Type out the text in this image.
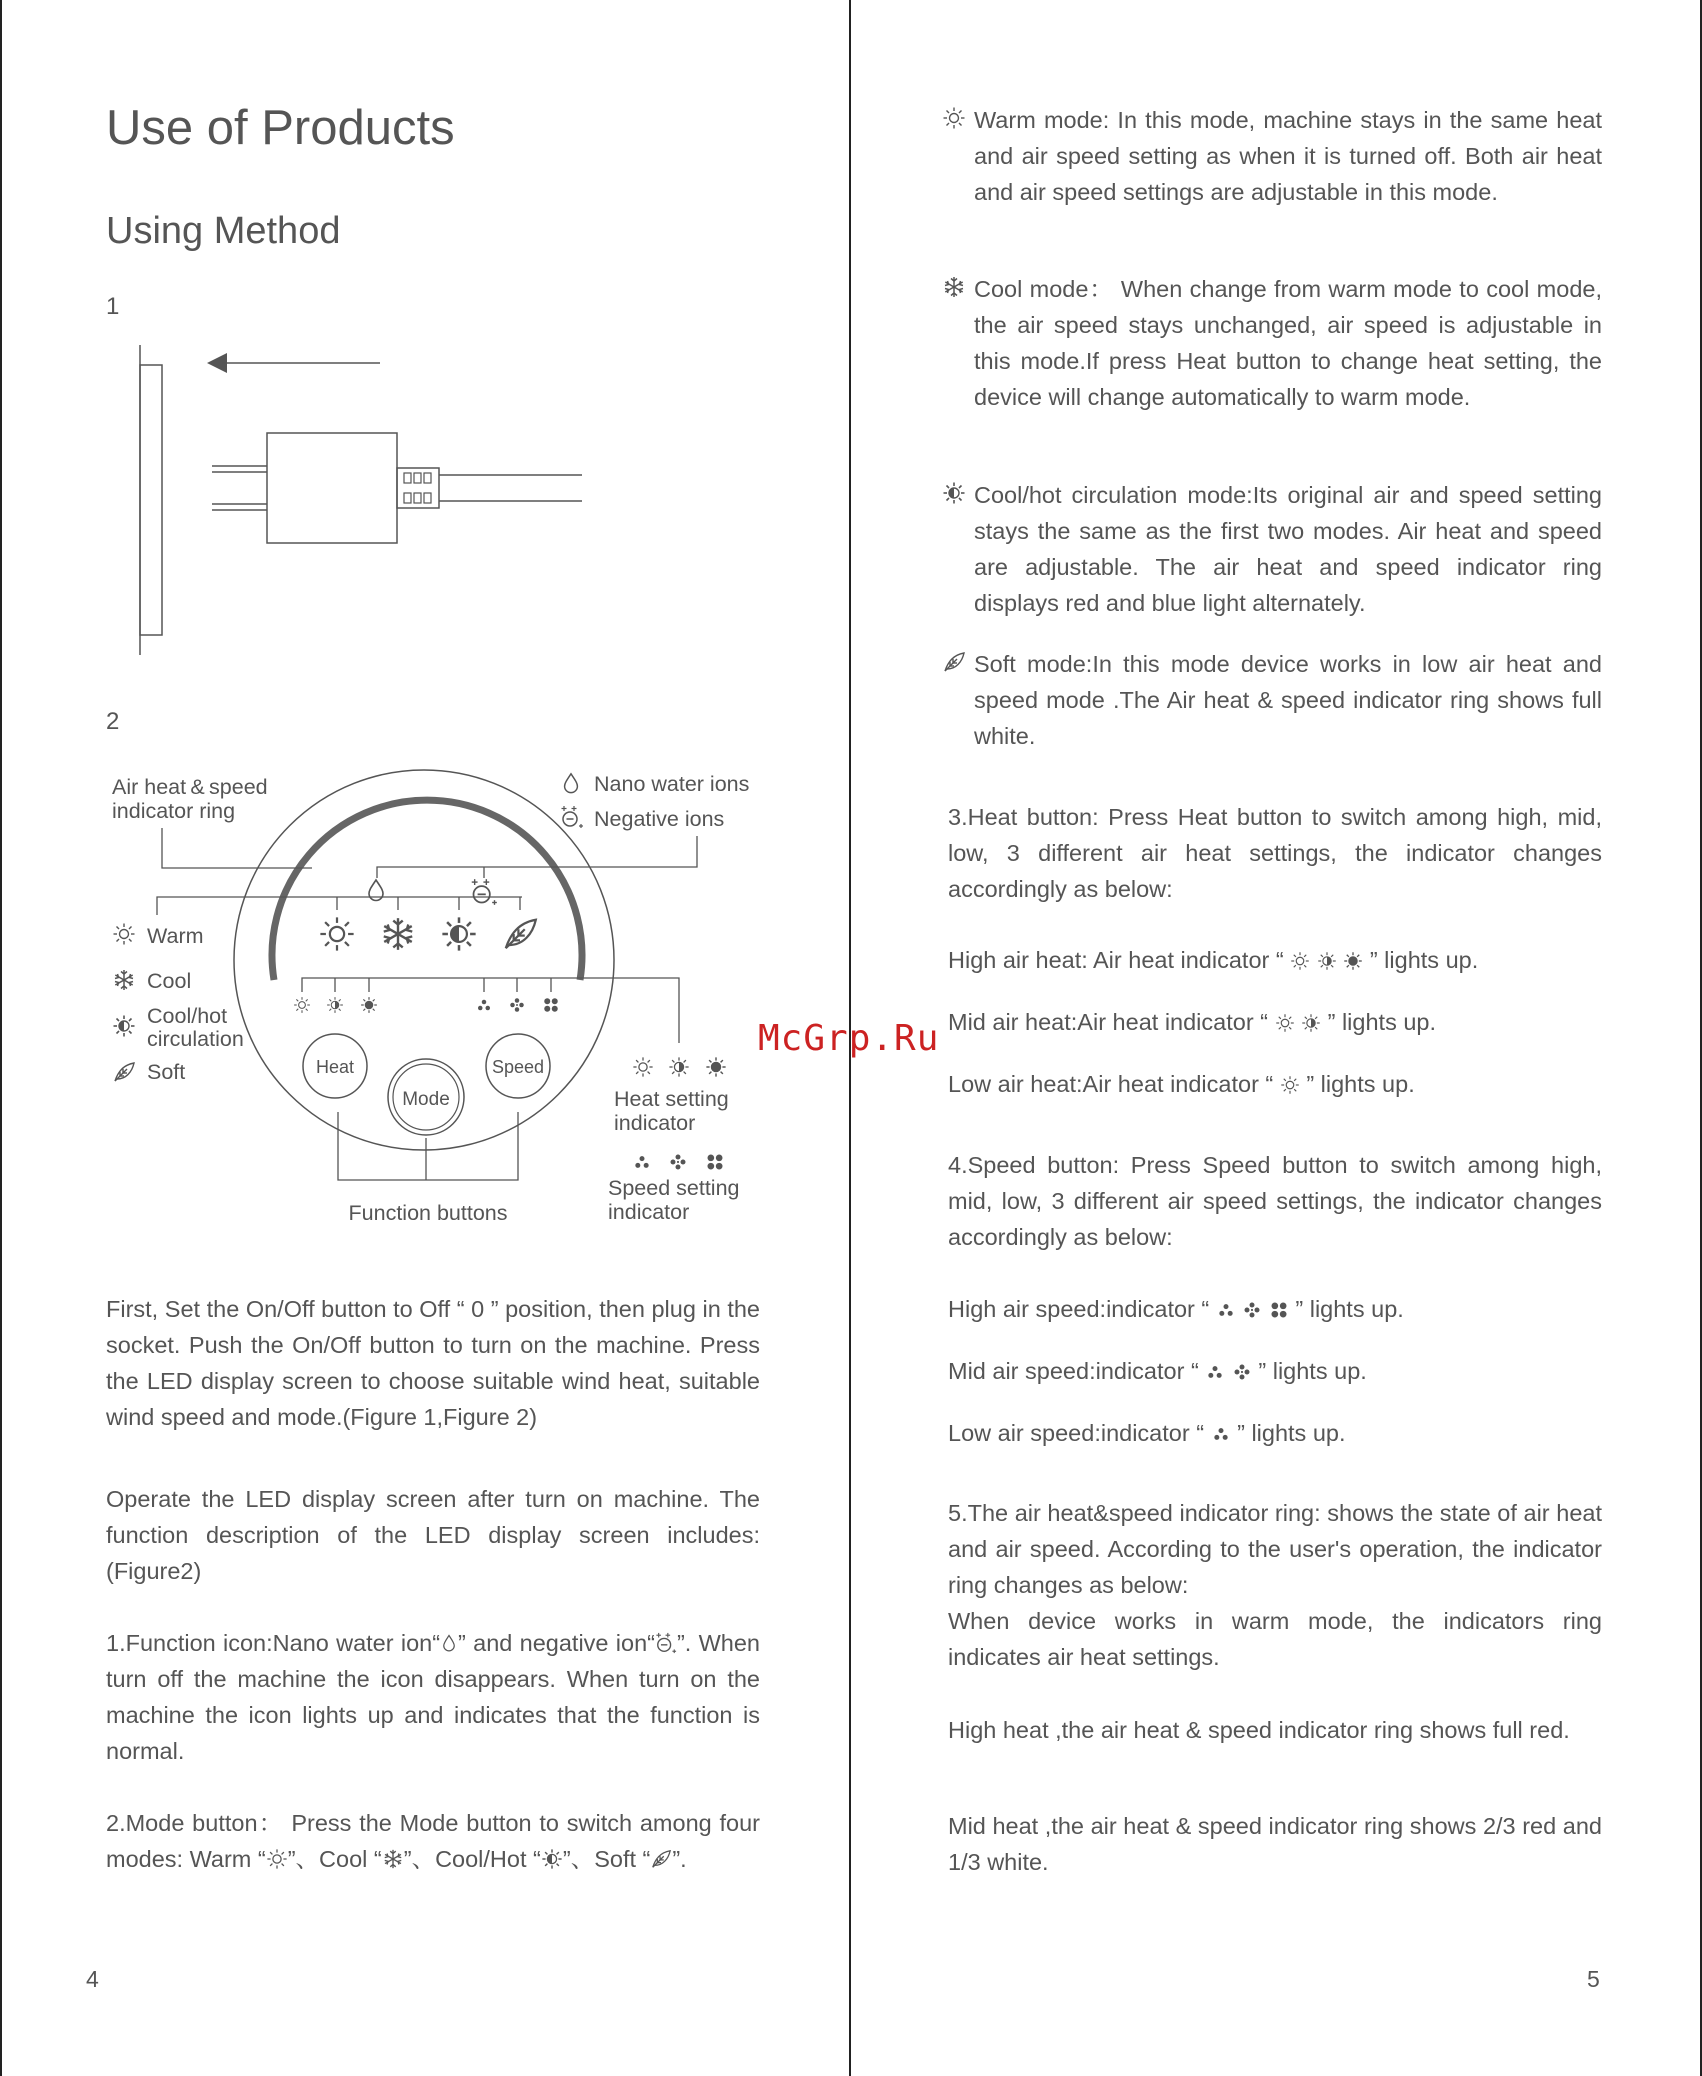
Use of Products
Using Method
1
2
Air heat & speed
indicator ring
Nano water ions
Negative ions
Warm
Cool
Cool/hot
circulation
Soft	Heat
Mode
Speed
Function buttons
Heat setting
indicator
Speed setting
indicator

First, Set the On/Off button to Off “ 0 ” position, then plug in the socket. Push the On/Off button to turn on the machine. Press the LED display screen to choose suitable wind heat, suitable wind speed and mode.(Figure 1,Figure 2)

Operate the LED display screen after turn on machine. The function description of the LED display screen includes: (Figure2)

1.Function icon:Nano water ion“ ” and negative ion“ ”. When turn off the machine the icon disappears. When turn on the machine the icon lights up and indicates that the function is normal.

2.Mode button： Press the Mode button to switch among four modes: Warm “ ”、Cool “ ”、Cool/Hot “ ”、Soft “ ”.

4
Warm mode: In this mode, machine stays in the same heat and air speed setting as when it is turned off. Both air heat and air speed settings are adjustable in this mode.
Cool mode： When change from warm mode to cool mode, the air speed stays unchanged, air speed is adjustable in this mode.If press Heat button to change heat setting, the device will change automatically to warm mode.
Cool/hot circulation mode:Its original air and speed setting stays the same as the first two modes. Air heat and speed are adjustable. The air heat and speed indicator ring displays red and blue light alternately.
Soft mode:In this mode device works in low air heat and speed mode .The Air heat & speed indicator ring shows full white.

3.Heat button: Press Heat button to switch among high, mid, low, 3 different air heat settings, the indicator changes accordingly as below:

High air heat: Air heat indicator “	” lights up.

Mid air heat:Air heat indicator “	” lights up.

Low air heat:Air heat indicator “ ” lights up.

4.Speed button: Press Speed button to switch among high, mid, low, 3 different air speed settings, the indicator changes accordingly as below:

High air speed:indicator “	” lights up.

Mid air speed:indicator “	” lights up.

Low air speed:indicator “ ” lights up.

5.The air heat&speed indicator ring: shows the state of air heat and air speed. According to the user's operation, the indicator ring changes as below:

When device works in warm mode, the indicators ring indicates air heat settings.

High heat ,the air heat & speed indicator ring shows full red.

Mid heat ,the air heat & speed indicator ring shows 2/3 red and 1/3 white.

5
McGrp.Ru
